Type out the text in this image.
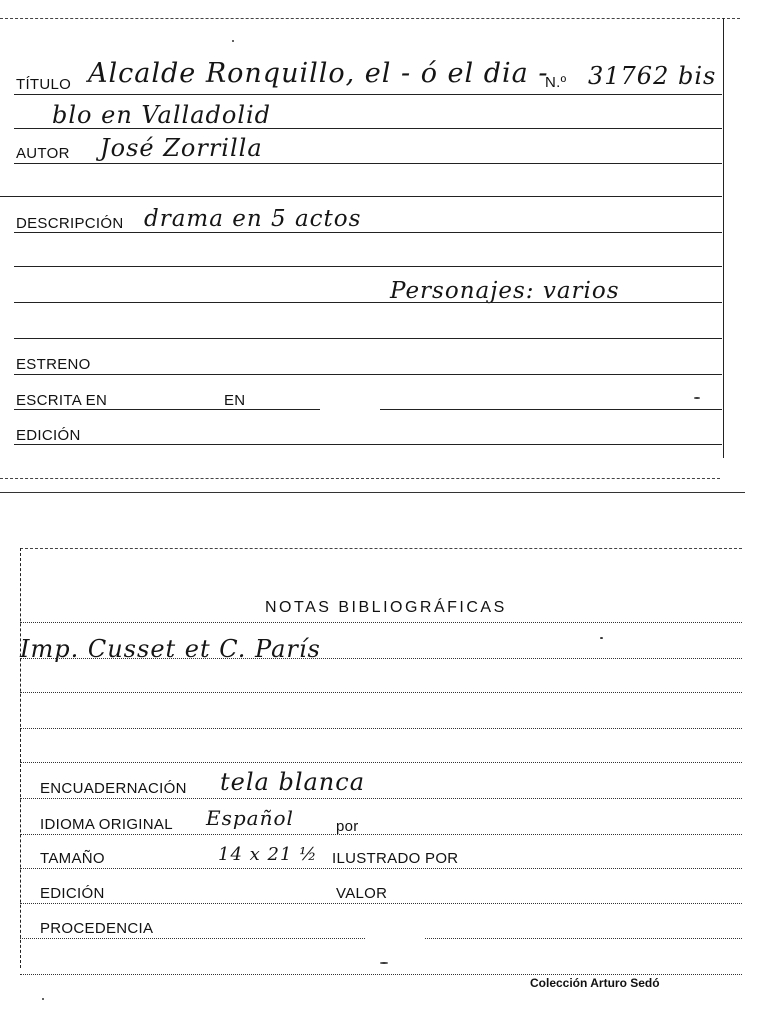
TÍTULO Alcalde Ronquillo, el - ó el dia -
N.º 31762 bis
blo en Valladolid
AUTOR José Zorrilla
DESCRIPCIÓN drama en 5 actos
Personajes: varios
ESTRENO
ESCRITA EN	EN
EDICIÓN
NOTAS BIBLIOGRÁFICAS
Imp. Cusset et C. París
ENCUADERNACIÓN tela blanca
IDIOMA ORIGINAL Español	por
TAMAÑO	14 x 21 ½ ILUSTRADO POR
EDICIÓN	VALOR
PROCEDENCIA
Colección Arturo Sedó
